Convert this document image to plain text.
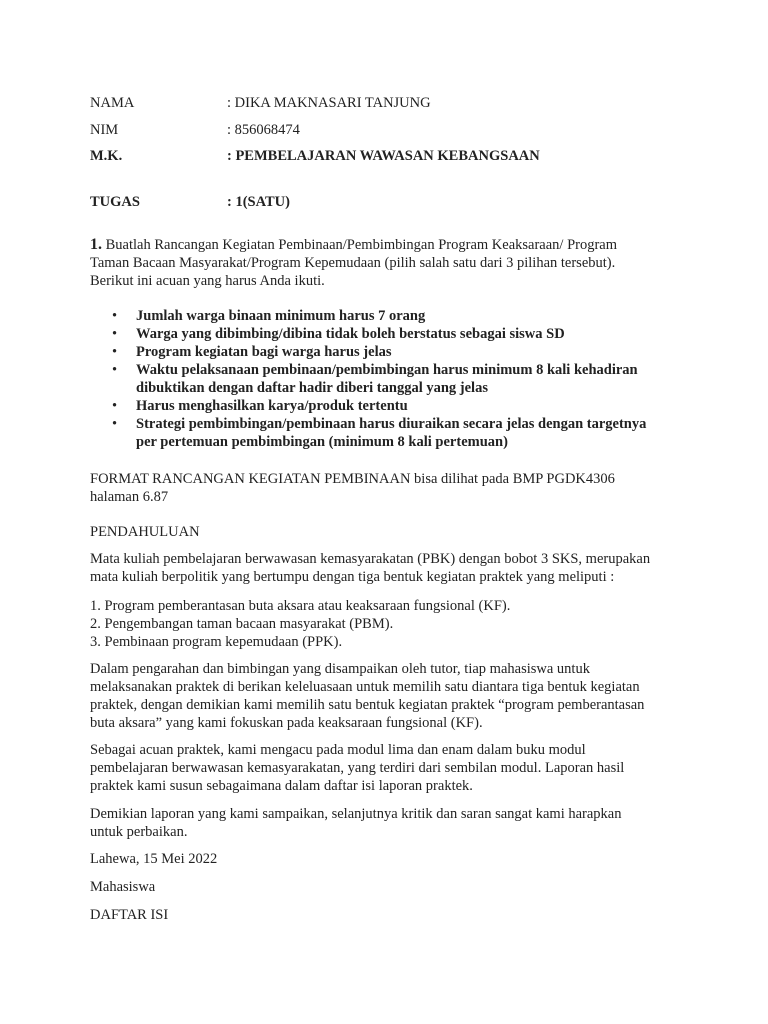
NAMA	: DIKA MAKNASARI TANJUNG
NIM	: 856068474
M.K.	: PEMBELAJARAN WAWASAN KEBANGSAAN
TUGAS	: 1(SATU)
1. Buatlah Rancangan Kegiatan Pembinaan/Pembimbingan Program Keaksaraan/ Program
Taman Bacaan Masyarakat/Program Kepemudaan (pilih salah satu dari 3 pilihan tersebut).
Berikut ini acuan yang harus Anda ikuti.
• Jumlah warga binaan minimum harus 7 orang
• Warga yang dibimbing/dibina tidak boleh berstatus sebagai siswa SD
• Program kegiatan bagi warga harus jelas
• Waktu pelaksanaan pembinaan/pembimbingan harus minimum 8 kali kehadiran
dibuktikan dengan daftar hadir diberi tanggal yang jelas
• Harus menghasilkan karya/produk tertentu
• Strategi pembimbingan/pembinaan harus diuraikan secara jelas dengan targetnya
per pertemuan pembimbingan (minimum 8 kali pertemuan)
FORMAT RANCANGAN KEGIATAN PEMBINAAN bisa dilihat pada BMP PGDK4306
halaman 6.87
PENDAHULUAN
Mata kuliah pembelajaran berwawasan kemasyarakatan (PBK) dengan bobot 3 SKS, merupakan
mata kuliah berpolitik yang bertumpu dengan tiga bentuk kegiatan praktek yang meliputi :
1. Program pemberantasan buta aksara atau keaksaraan fungsional (KF).
2. Pengembangan taman bacaan masyarakat (PBM).
3. Pembinaan program kepemudaan (PPK).
Dalam pengarahan dan bimbingan yang disampaikan oleh tutor, tiap mahasiswa untuk
melaksanakan praktek di berikan keleluasaan untuk memilih satu diantara tiga bentuk kegiatan
praktek, dengan demikian kami memilih satu bentuk kegiatan praktek “program pemberantasan
buta aksara” yang kami fokuskan pada keaksaraan fungsional (KF).
Sebagai acuan praktek, kami mengacu pada modul lima dan enam dalam buku modul
pembelajaran berwawasan kemasyarakatan, yang terdiri dari sembilan modul. Laporan hasil
praktek kami susun sebagaimana dalam daftar isi laporan praktek.
Demikian laporan yang kami sampaikan, selanjutnya kritik dan saran sangat kami harapkan
untuk perbaikan.
Lahewa, 15 Mei 2022
Mahasiswa
DAFTAR ISI
